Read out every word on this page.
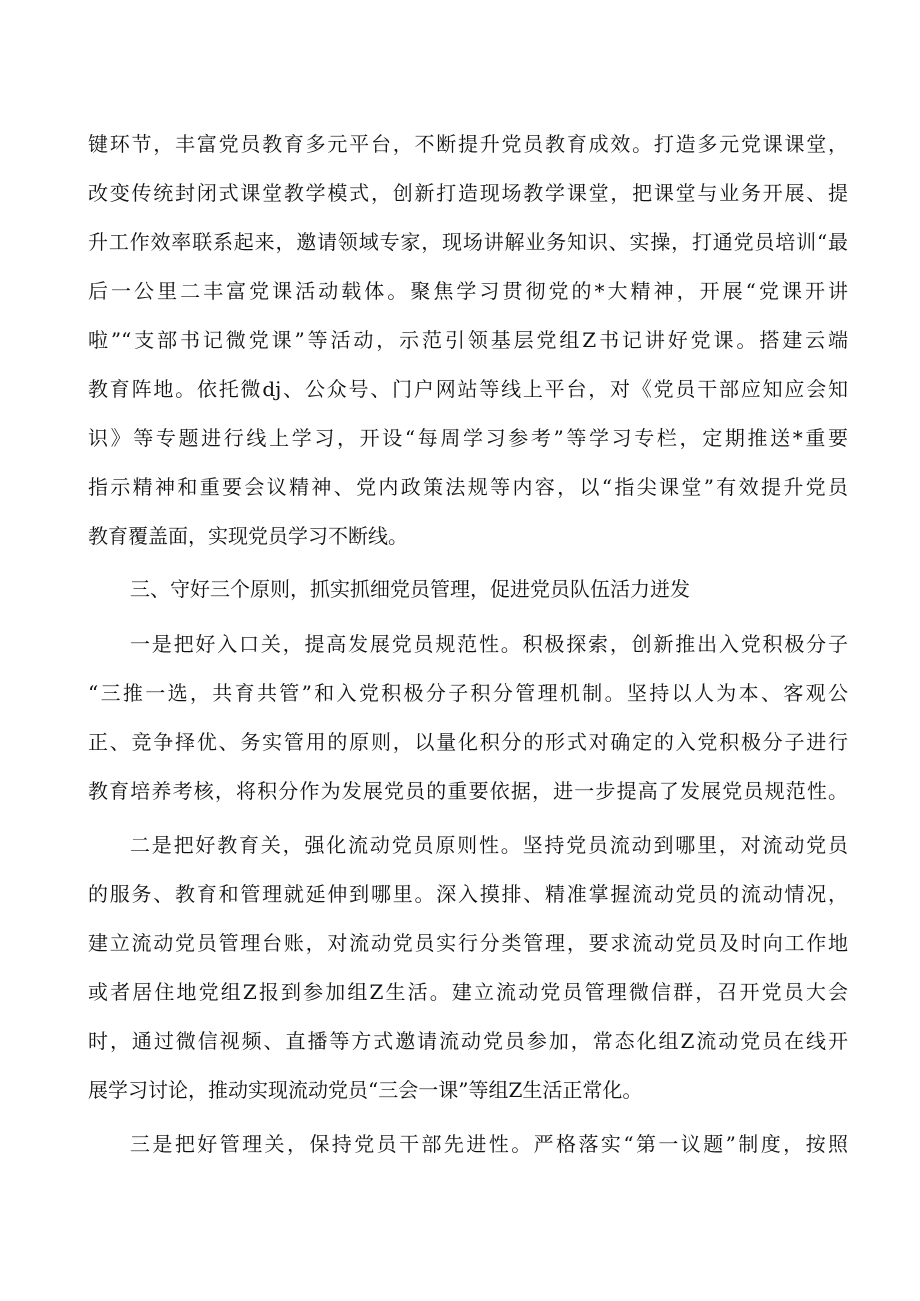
键环节，丰富党员教育多元平台，不断提升党员教育成效。打造多元党课课堂，
改变传统封闭式课堂教学模式，创新打造现场教学课堂，把课堂与业务开展、提
升工作效率联系起来，邀请领域专家，现场讲解业务知识、实操，打通党员培训“最
后一公里二丰富党课活动载体。聚焦学习贯彻党的*大精神，开展“党课开讲
啦”“支部书记微党课”等活动，示范引领基层党组Z书记讲好党课。搭建云端
教育阵地。依托微dj、公众号、门户网站等线上平台，对《党员干部应知应会知
识》等专题进行线上学习，开设“每周学习参考”等学习专栏，定期推送*重要
指示精神和重要会议精神、党内政策法规等内容，以“指尖课堂”有效提升党员
教育覆盖面，实现党员学习不断线。
三、守好三个原则，抓实抓细党员管理，促进党员队伍活力迸发
一是把好入口关，提高发展党员规范性。积极探索，创新推出入党积极分子
“三推一选，共育共管”和入党积极分子积分管理机制。坚持以人为本、客观公
正、竞争择优、务实管用的原则，以量化积分的形式对确定的入党积极分子进行
教育培养考核，将积分作为发展党员的重要依据，进一步提高了发展党员规范性。
二是把好教育关，强化流动党员原则性。坚持党员流动到哪里，对流动党员
的服务、教育和管理就延伸到哪里。深入摸排、精准掌握流动党员的流动情况，
建立流动党员管理台账，对流动党员实行分类管理，要求流动党员及时向工作地
或者居住地党组Z报到参加组Z生活。建立流动党员管理微信群，召开党员大会
时，通过微信视频、直播等方式邀请流动党员参加，常态化组Z流动党员在线开
展学习讨论，推动实现流动党员“三会一课”等组Z生活正常化。
三是把好管理关，保持党员干部先进性。严格落实“第一议题”制度，按照
